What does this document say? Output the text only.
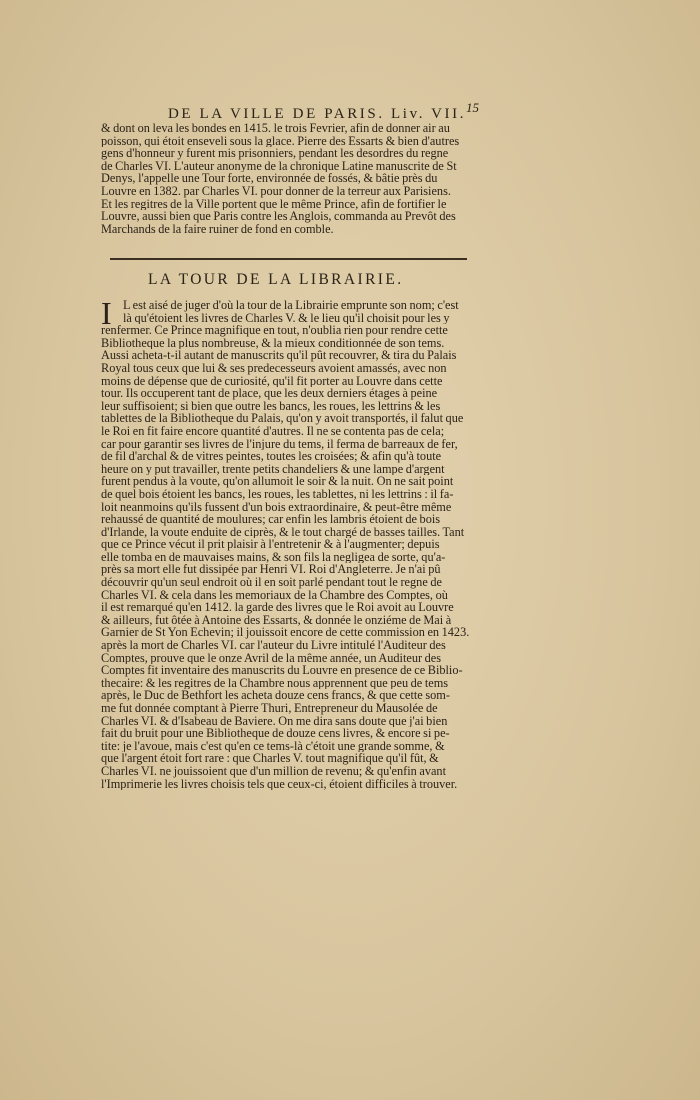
DE LA VILLE DE PARIS. Liv. VII. 15
& dont on leva les bondes en 1415. le trois Fevrier, afin de donner air au
poisson, qui étoit enseveli sous la glace. Pierre des Essarts & bien d'autres
gens d'honneur y furent mis prisonniers, pendant les desordres du regne
de Charles VI. L'auteur anonyme de la chronique Latine manuscrite de St
Denys, l'appelle une Tour forte, environnée de fossés, & bâtie près du
Louvre en 1382. par Charles VI. pour donner de la terreur aux Parisiens.
Et les regitres de la Ville portent que le même Prince, afin de fortifier le
Louvre, aussi bien que Paris contre les Anglois, commanda au Prevôt des
Marchands de la faire ruiner de fond en comble.
LA TOUR DE LA LIBRAIRIE.
I L est aisé de juger d'où la tour de la Librairie emprunte son nom; c'est
là qu'étoient les livres de Charles V. & le lieu qu'il choisit pour les y
renfermer. Ce Prince magnifique en tout, n'oublia rien pour rendre cette
Bibliotheque la plus nombreuse, & la mieux conditionnée de son tems.
Aussi acheta-t-il autant de manuscrits qu'il pût recouvrer, & tira du Palais
Royal tous ceux que lui & ses predecesseurs avoient amassés, avec non
moins de dépense que de curiosité, qu'il fit porter au Louvre dans cette
tour. Ils occuperent tant de place, que les deux derniers étages à peine
leur suffisoient; si bien que outre les bancs, les roues, les lettrins & les
tablettes de la Bibliotheque du Palais, qu'on y avoit transportés, il falut que
le Roi en fit faire encore quantité d'autres. Il ne se contenta pas de cela;
car pour garantir ses livres de l'injure du tems, il ferma de barreaux de fer,
de fil d'archal & de vitres peintes, toutes les croisées; & afin qu'à toute
heure on y put travailler, trente petits chandeliers & une lampe d'argent
furent pendus à la voute, qu'on allumoit le soir & la nuit. On ne sait point
de quel bois étoient les bancs, les roues, les tablettes, ni les lettrins : il fa-
loit neanmoins qu'ils fussent d'un bois extraordinaire, & peut-être même
rehaussé de quantité de moulures; car enfin les lambris étoient de bois
d'Irlande, la voute enduite de ciprès, & le tout chargé de basses tailles. Tant
que ce Prince vécut il prit plaisir à l'entretenir & à l'augmenter; depuis
elle tomba en de mauvaises mains, & son fils la negligea de sorte, qu'a-
près sa mort elle fut dissipée par Henri VI. Roi d'Angleterre. Je n'ai pû
découvrir qu'un seul endroit où il en soit parlé pendant tout le regne de
Charles VI. & cela dans les memoriaux de la Chambre des Comptes, où
il est remarqué qu'en 1412. la garde des livres que le Roi avoit au Louvre
& ailleurs, fut ôtée à Antoine des Essarts, & donnée le onziéme de Mai à
Garnier de St Yon Echevin; il jouissoit encore de cette commission en 1423.
après la mort de Charles VI. car l'auteur du Livre intitulé l'Auditeur des
Comptes, prouve que le onze Avril de la même année, un Auditeur des
Comptes fit inventaire des manuscrits du Louvre en presence de ce Biblio-
thecaire: & les regitres de la Chambre nous apprennent que peu de tems
après, le Duc de Bethfort les acheta douze cens francs, & que cette som-
me fut donnée comptant à Pierre Thuri, Entrepreneur du Mausolée de
Charles VI. & d'Isabeau de Baviere. On me dira sans doute que j'ai bien
fait du bruit pour une Bibliotheque de douze cens livres, & encore si pe-
tite: je l'avoue, mais c'est qu'en ce tems-là c'étoit une grande somme, &
que l'argent étoit fort rare : que Charles V. tout magnifique qu'il fût, &
Charles VI. ne jouissoient que d'un million de revenu; & qu'enfin avant
l'Imprimerie les livres choisis tels que ceux-ci, étoient difficiles à trouver.
